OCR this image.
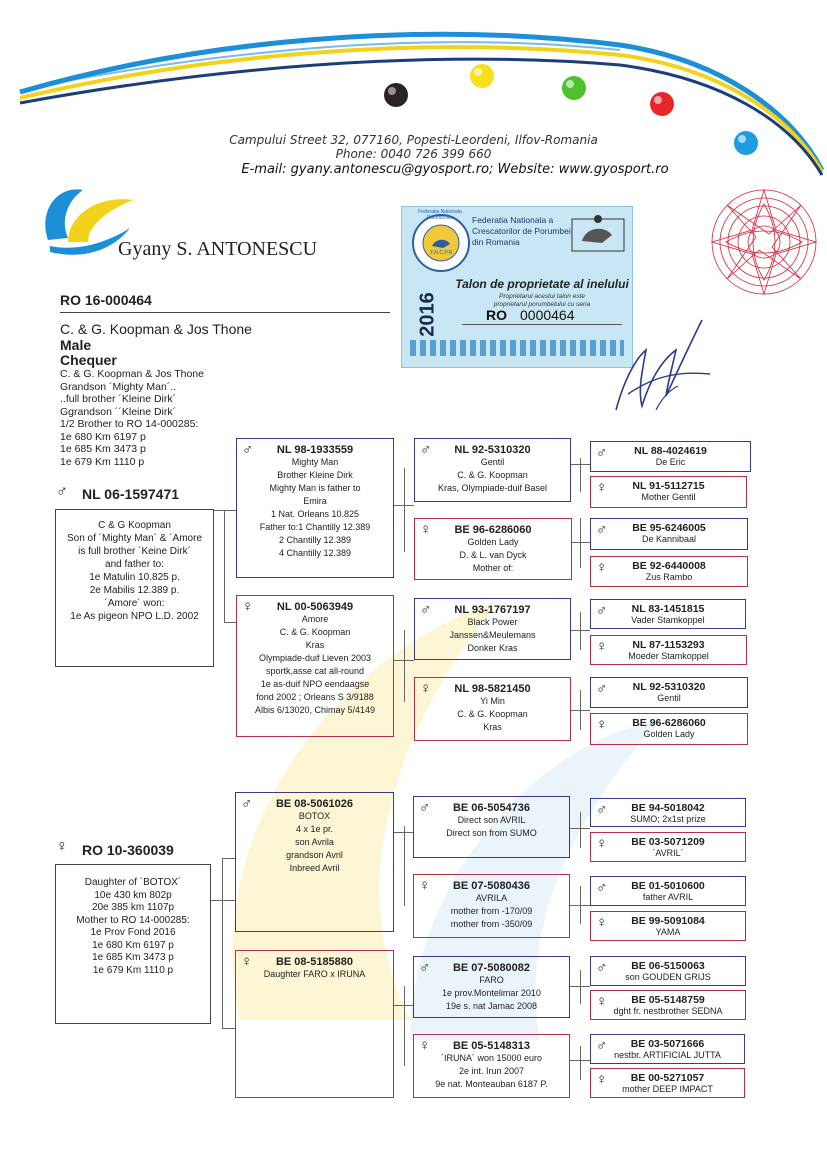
Campului Street 32, 077160, Popesti-Leordeni, Ilfov-Romania
Phone: 0040 726 399 660
E-mail: gyany.antonescu@gyosport.ro; Website: www.gyosport.ro
Gyany S. ANTONESCU	F.N.C.P.R.
Federatia Nationala Columbofila	Federatia Nationala a
Crescatorilor de Porumbei
din Romania
Talon de proprietate al inelului
Proprietarul acestui talon este
proprietarul porumbelului cu seria
2016	RO 0000464
RO 16-000464
C. & G. Koopman & Jos Thone
Male
Chequer
C. & G. Koopman & Jos Thone
Grandson ´Mighty Man´..
..full brother ´Kleine Dirk´
Ggrandson ´´Kleine Dirk´
1/2 Brother to RO 14-000285:
1e 680 Km 6197 p
1e 685 Km 3473 p
1e 679 Km 1110 p
♂ NL 06-1597471
C & G Koopman
Son of ´Mighty Man´ & ´Amore
is full brother ´Keine Dirk´
and father to:
1e Matulin 10.825 p.
2e Mabilis 12.389 p.
´Amore´ won:
1e As pigeon NPO L.D. 2002
♀ RO 10-360039
Daughter of ´BOTOX´
10e 430 km 802p
20e 385 km 1107p
Mother to RO 14-000285:
1e Prov Fond 2016
1e 680 Km 6197 p
1e 685 Km 3473 p
1e 679 Km 1110 p
♂	NL 98-1933559
Mighty Man
Brother Kleine Dirk
Mighty Man is father to
Emira
1 Nat. Orleans 10.825
Father to:1 Chantilly 12.389
2 Chantilly 12.389
4 Chantilly 12.389
♀	NL 00-5063949
Amore
C. & G. Koopman
Kras
Olympiade-duif Lieven 2003
sportk,asse cat all-round
1e as-duif NPO eendaagse
fond 2002 ; Orleans S 3/9188
Albis 6/13020, Chimay 5/4149
♂	BE 08-5061026
BOTOX
4 x 1e pr.
son Avrila
grandson Avril
Inbreed Avril
♀	BE 08-5185880
Daughter FARO x IRUNA
♂	NL 92-5310320
Gentil
C. & G. Koopman
Kras, Olympiade-duif Basel
♀	BE 96-6286060
Golden Lady
D. & L. van Dyck
Mother of:
♂	NL 93-1767197
Black Power
Janssen&Meulemans
Donker Kras
♀	NL 98-5821450
Yi Min
C. & G. Koopman
Kras
♂	BE 06-5054736
Direct son AVRIL
Direct son from SUMO
♀	BE 07-5080436
AVRILA
mother from -170/09
mother from -350/09
♂	BE 07-5080082
FARO
1e prov.Montelimar 2010
19e s. nat Jamac 2008
♀	BE 05-5148313
´IRUNA´ won 15000 euro
2e int. Irun 2007
9e nat. Monteauban 6187 P.
♂	NL 88-4024619
De Eric
♀	NL 91-5112715
Mother Gentil
♂	BE 95-6246005
De Kannibaal
♀	BE 92-6440008
Zus Rambo
♂	NL 83-1451815
Vader Stamkoppel
♀	NL 87-1153293
Moeder Stamkoppel
♂	NL 92-5310320
Gentil
♀	BE 96-6286060
Golden Lady
♂	BE 94-5018042
SUMO; 2x1st prize
♀	BE 03-5071209
´AVRIL´
♂	BE 01-5010600
father AVRIL
♀	BE 99-5091084
YAMA
♂	BE 06-5150063
son GOUDEN GRIJS
♀	BE 05-5148759
dght fr. nestbrother SEDNA
♂	BE 03-5071666
nestbr. ARTIFICIAL JUTTA
♀	BE 00-5271057
mother DEEP IMPACT
